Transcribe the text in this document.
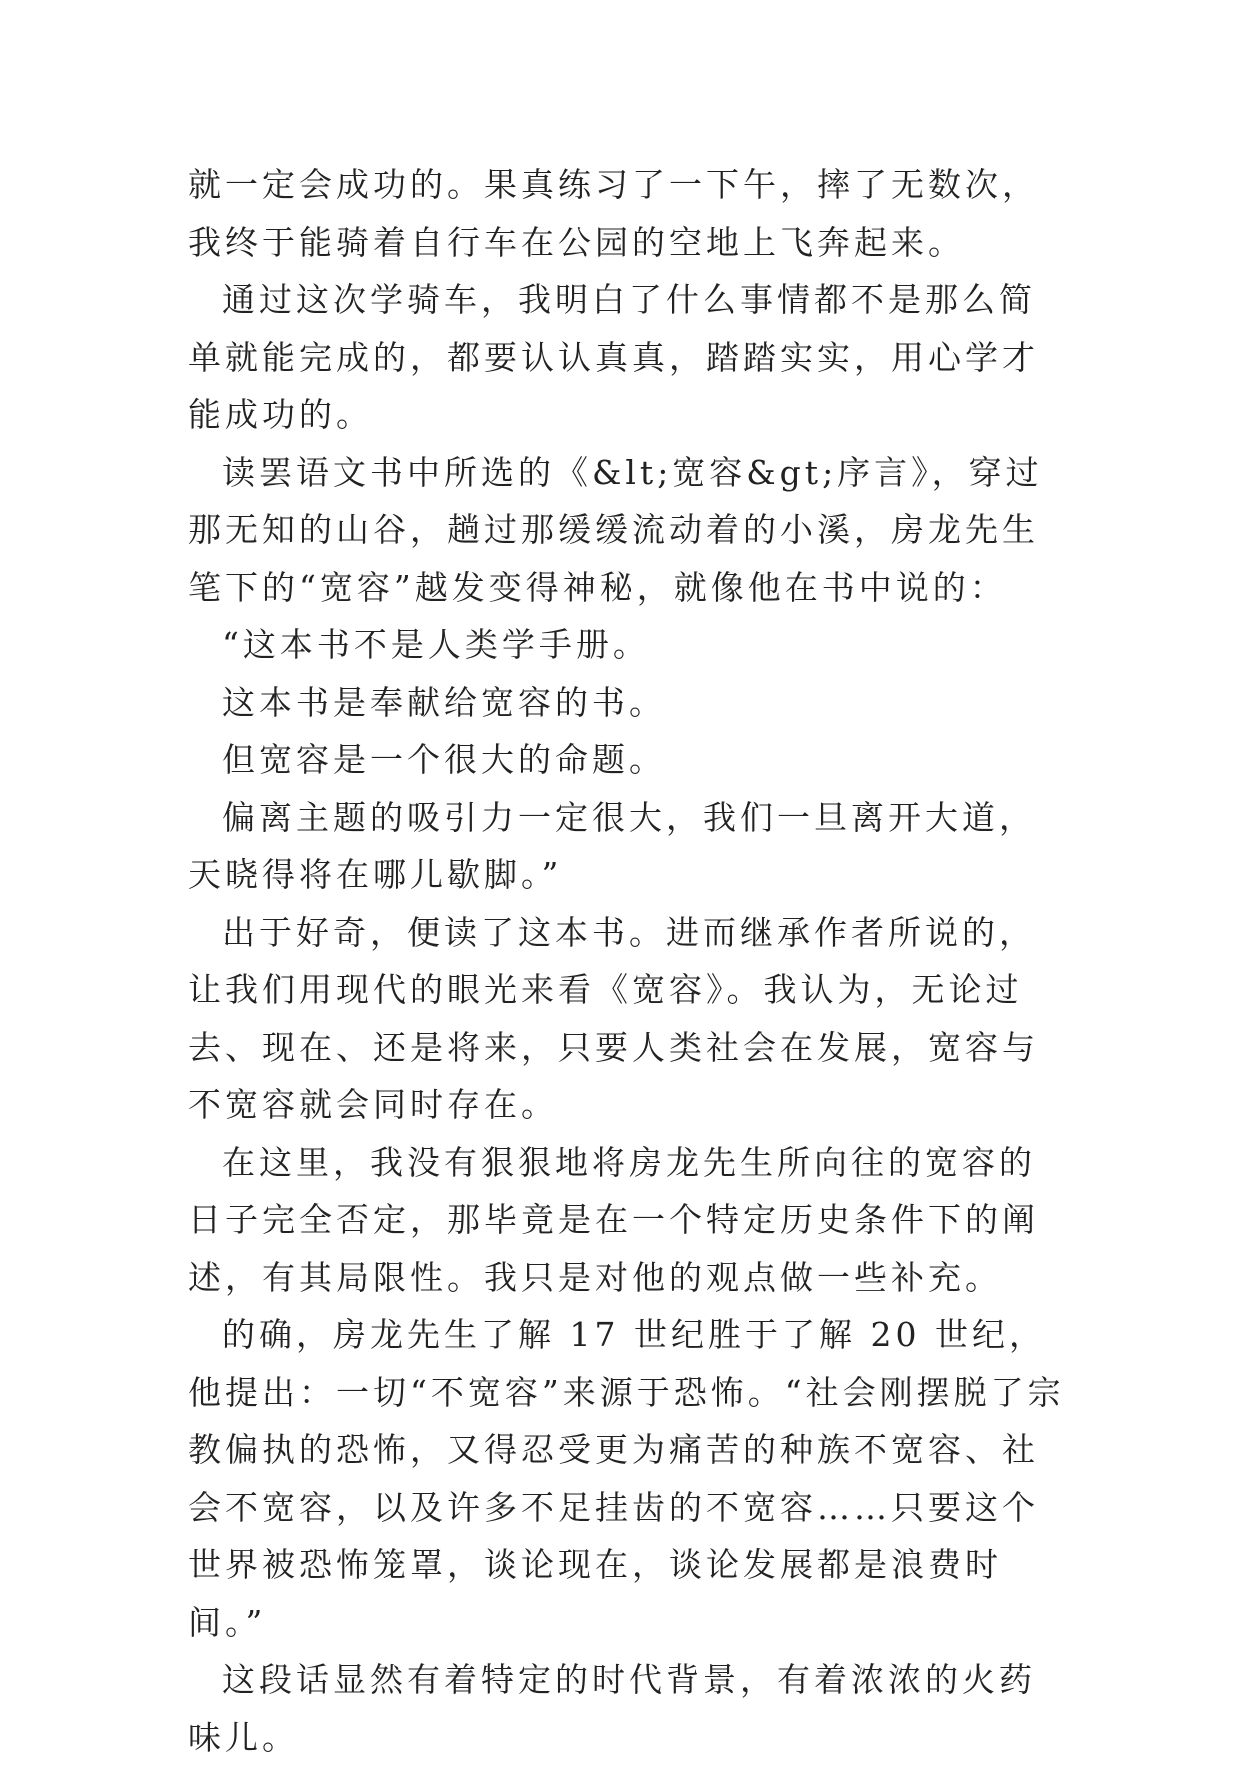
就一定会成功的。果真练习了一下午，摔了无数次，我终于能骑着自行车在公园的空地上飞奔起来。

通过这次学骑车，我明白了什么事情都不是那么简单就能完成的，都要认认真真，踏踏实实，用心学才能成功的。

读罢语文书中所选的《&lt;宽容&gt;序言》，穿过那无知的山谷，趟过那缓缓流动着的小溪，房龙先生笔下的“宽容”越发变得神秘，就像他在书中说的：

“这本书不是人类学手册。

这本书是奉献给宽容的书。

但宽容是一个很大的命题。

偏离主题的吸引力一定很大，我们一旦离开大道，天晓得将在哪儿歇脚。”

出于好奇，便读了这本书。进而继承作者所说的，让我们用现代的眼光来看《宽容》。我认为，无论过去、现在、还是将来，只要人类社会在发展，宽容与不宽容就会同时存在。

在这里，我没有狠狠地将房龙先生所向往的宽容的日子完全否定，那毕竟是在一个特定历史条件下的阐述，有其局限性。我只是对他的观点做一些补充。

的确，房龙先生了解 17 世纪胜于了解 20 世纪，他提出：一切“不宽容”来源于恐怖。“社会刚摆脱了宗教偏执的恐怖，又得忍受更为痛苦的种族不宽容、社会不宽容，以及许多不足挂齿的不宽容……只要这个世界被恐怖笼罩，谈论现在，谈论发展都是浪费时间。”

这段话显然有着特定的时代背景，有着浓浓的火药味儿。
